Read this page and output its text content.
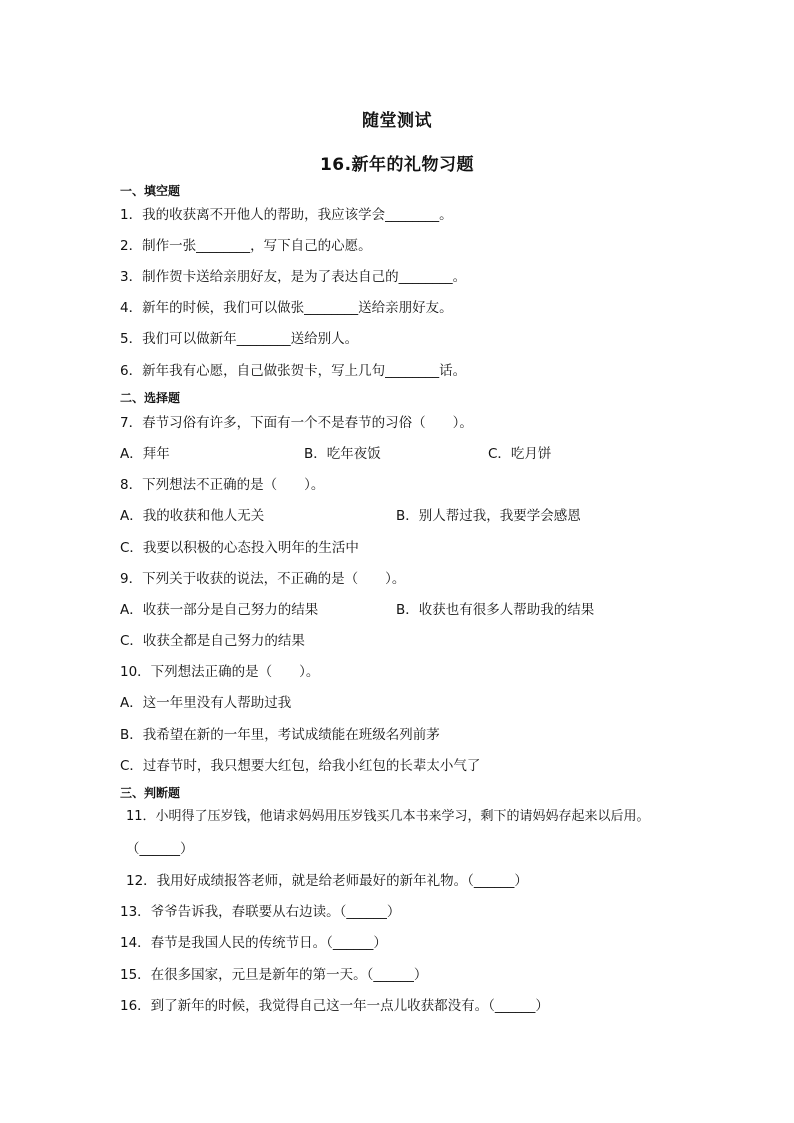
随堂测试
16.新年的礼物习题
一、填空题
1．我的收获离不开他人的帮助，我应该学会________。
2．制作一张________，写下自己的心愿。
3．制作贺卡送给亲朋好友，是为了表达自己的________。
4．新年的时候，我们可以做张________送给亲朋好友。
5．我们可以做新年________送给别人。
6．新年我有心愿，自己做张贺卡，写上几句________话。
二、选择题
7．春节习俗有许多，下面有一个不是春节的习俗（　　）。
A．拜年	B．吃年夜饭	C．吃月饼
8．下列想法不正确的是（　　）。
A．我的收获和他人无关	B．别人帮过我，我要学会感恩
C．我要以积极的心态投入明年的生活中
9．下列关于收获的说法，不正确的是（　　）。
A．收获一部分是自己努力的结果	B．收获也有很多人帮助我的结果
C．收获全都是自己努力的结果
10．下列想法正确的是（　　）。
A．这一年里没有人帮助过我
B．我希望在新的一年里，考试成绩能在班级名列前茅
C．过春节时，我只想要大红包，给我小红包的长辈太小气了
三、判断题
11．小明得了压岁钱，他请求妈妈用压岁钱买几本书来学习，剩下的请妈妈存起来以后用。
（______）
12．我用好成绩报答老师，就是给老师最好的新年礼物。（______）
13．爷爷告诉我，春联要从右边读。（______）
14．春节是我国人民的传统节日。（______）
15．在很多国家，元旦是新年的第一天。（______）
16．到了新年的时候，我觉得自己这一年一点儿收获都没有。（______）
